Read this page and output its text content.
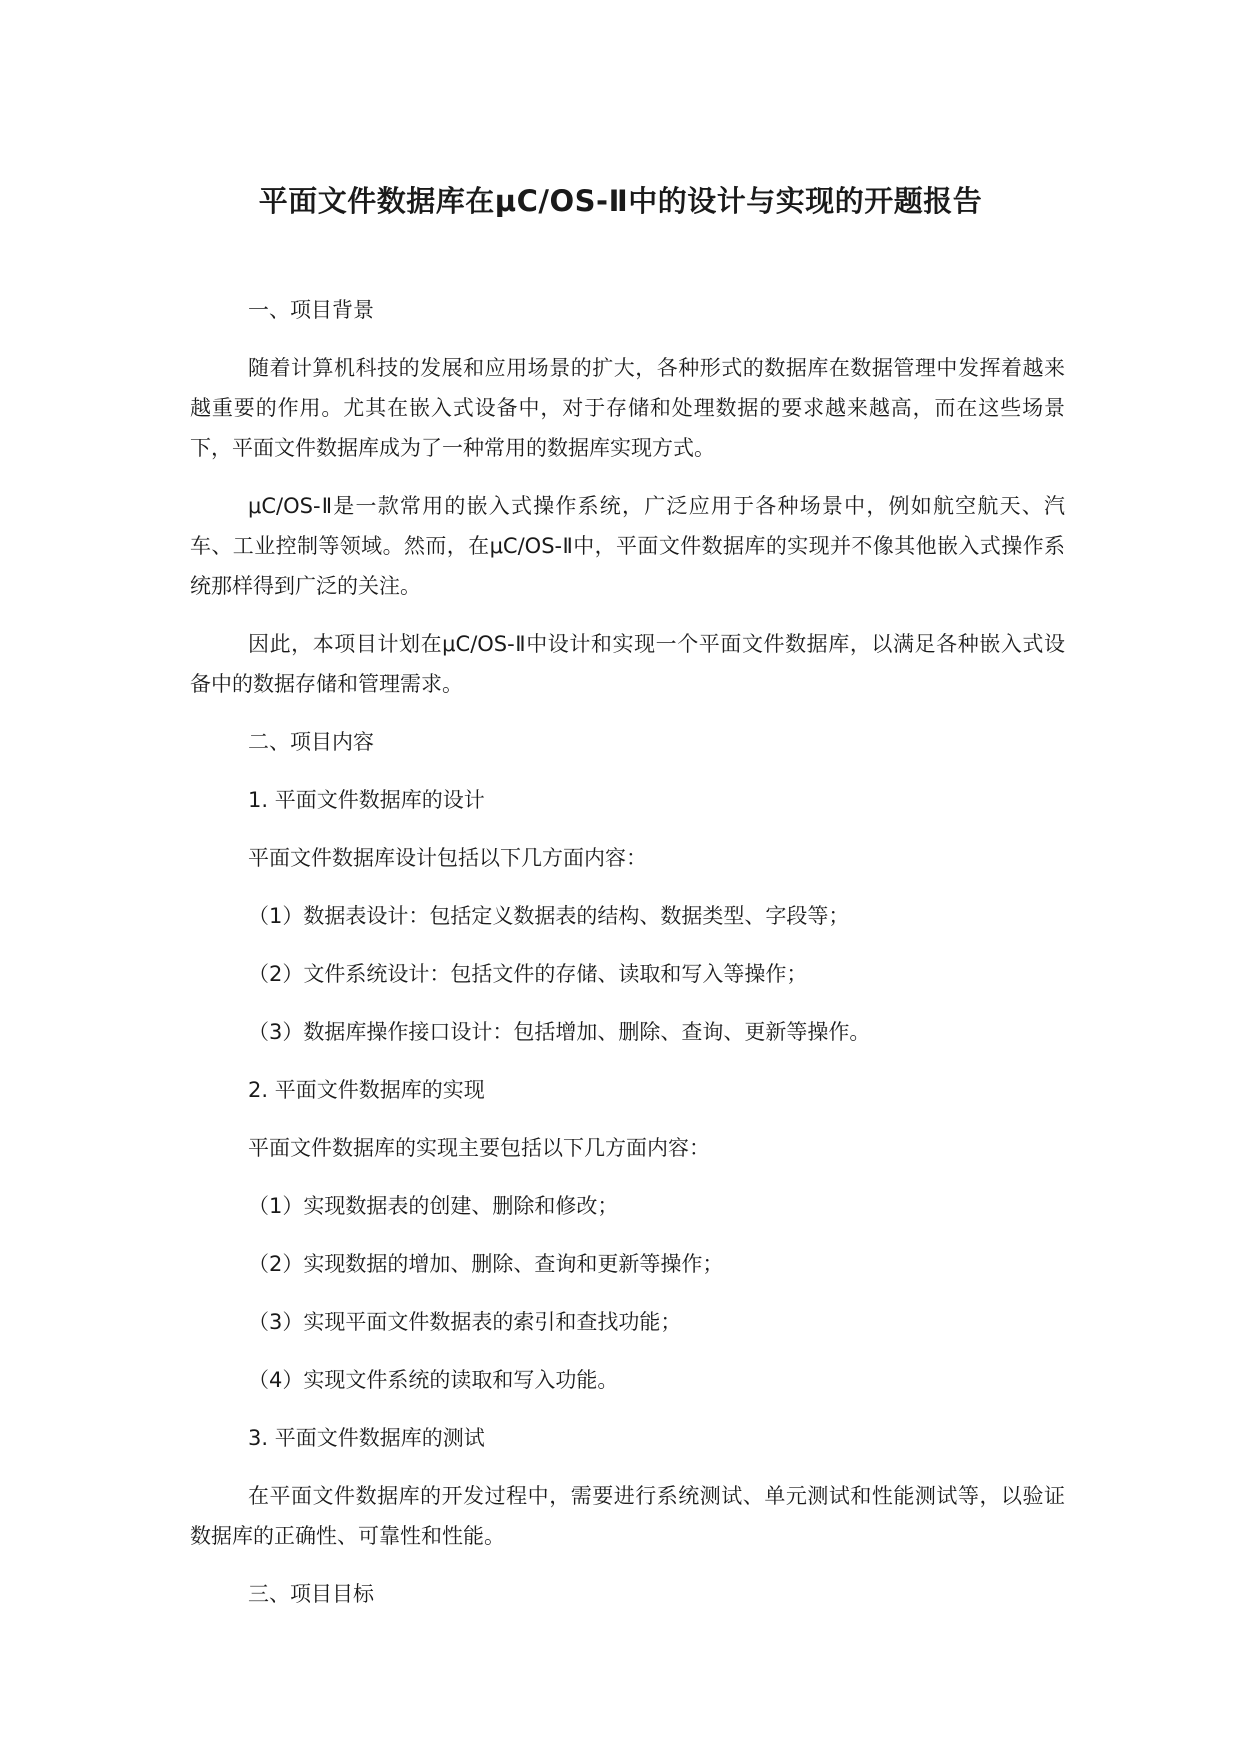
平面文件数据库在μC/OS-Ⅱ中的设计与实现的开题报告

一、项目背景

随着计算机科技的发展和应用场景的扩大，各种形式的数据库在数据管理中发挥着越来越重要的作用。尤其在嵌入式设备中，对于存储和处理数据的要求越来越高，而在这些场景下，平面文件数据库成为了一种常用的数据库实现方式。

μC/OS-Ⅱ是一款常用的嵌入式操作系统，广泛应用于各种场景中，例如航空航天、汽车、工业控制等领域。然而，在μC/OS-Ⅱ中，平面文件数据库的实现并不像其他嵌入式操作系统那样得到广泛的关注。

因此，本项目计划在μC/OS-Ⅱ中设计和实现一个平面文件数据库，以满足各种嵌入式设备中的数据存储和管理需求。

二、项目内容

1. 平面文件数据库的设计

平面文件数据库设计包括以下几方面内容：

（1）数据表设计：包括定义数据表的结构、数据类型、字段等；

（2）文件系统设计：包括文件的存储、读取和写入等操作；

（3）数据库操作接口设计：包括增加、删除、查询、更新等操作。

2. 平面文件数据库的实现

平面文件数据库的实现主要包括以下几方面内容：

（1）实现数据表的创建、删除和修改；

（2）实现数据的增加、删除、查询和更新等操作；

（3）实现平面文件数据表的索引和查找功能；

（4）实现文件系统的读取和写入功能。

3. 平面文件数据库的测试

在平面文件数据库的开发过程中，需要进行系统测试、单元测试和性能测试等，以验证数据库的正确性、可靠性和性能。

三、项目目标
